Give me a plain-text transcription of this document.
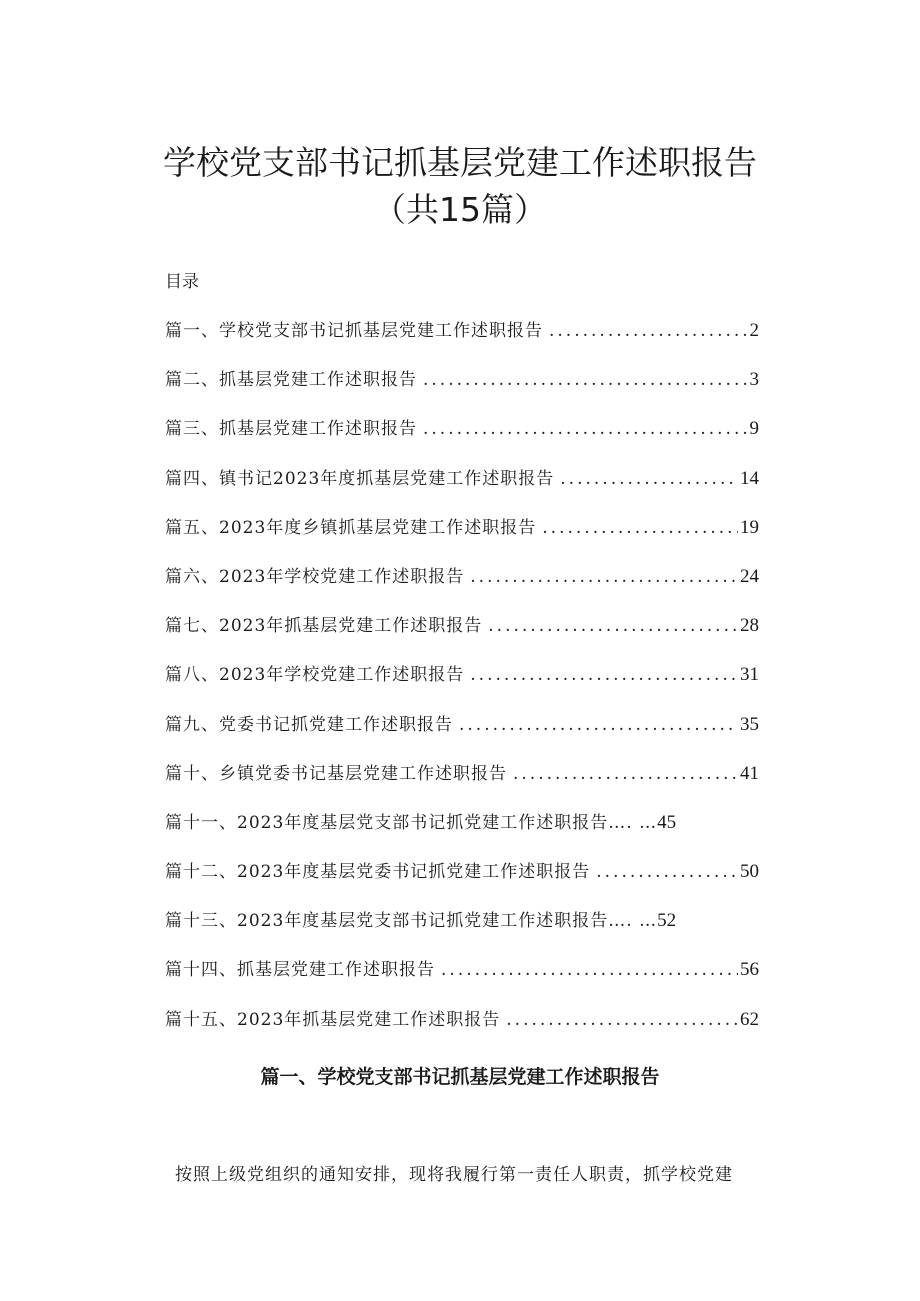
学校党支部书记抓基层党建工作述职报告
（共15篇）
目录
篇一、学校党支部书记抓基层党建工作述职报告 .....	2
篇二、抓基层党建工作述职报告 .....	3
篇三、抓基层党建工作述职报告 .....	9
篇四、镇书记2023年度抓基层党建工作述职报告 .....	14
篇五、2023年度乡镇抓基层党建工作述职报告 .....	19
篇六、2023年学校党建工作述职报告 .....	24
篇七、2023年抓基层党建工作述职报告 .....	28
篇八、2023年学校党建工作述职报告 .....	31
篇九、党委书记抓党建工作述职报告 .....	35
篇十、乡镇党委书记基层党建工作述职报告 .....	41
篇十一、2023年度基层党支部书记抓党建工作述职报告…. … 45
篇十二、2023年度基层党委书记抓党建工作述职报告 .....	50
篇十三、2023年度基层党支部书记抓党建工作述职报告…. … 52
篇十四、抓基层党建工作述职报告 .....	56
篇十五、2023年抓基层党建工作述职报告 .....	62
篇一、学校党支部书记抓基层党建工作述职报告
按照上级党组织的通知安排，现将我履行第一责任人职责，抓学校党建
